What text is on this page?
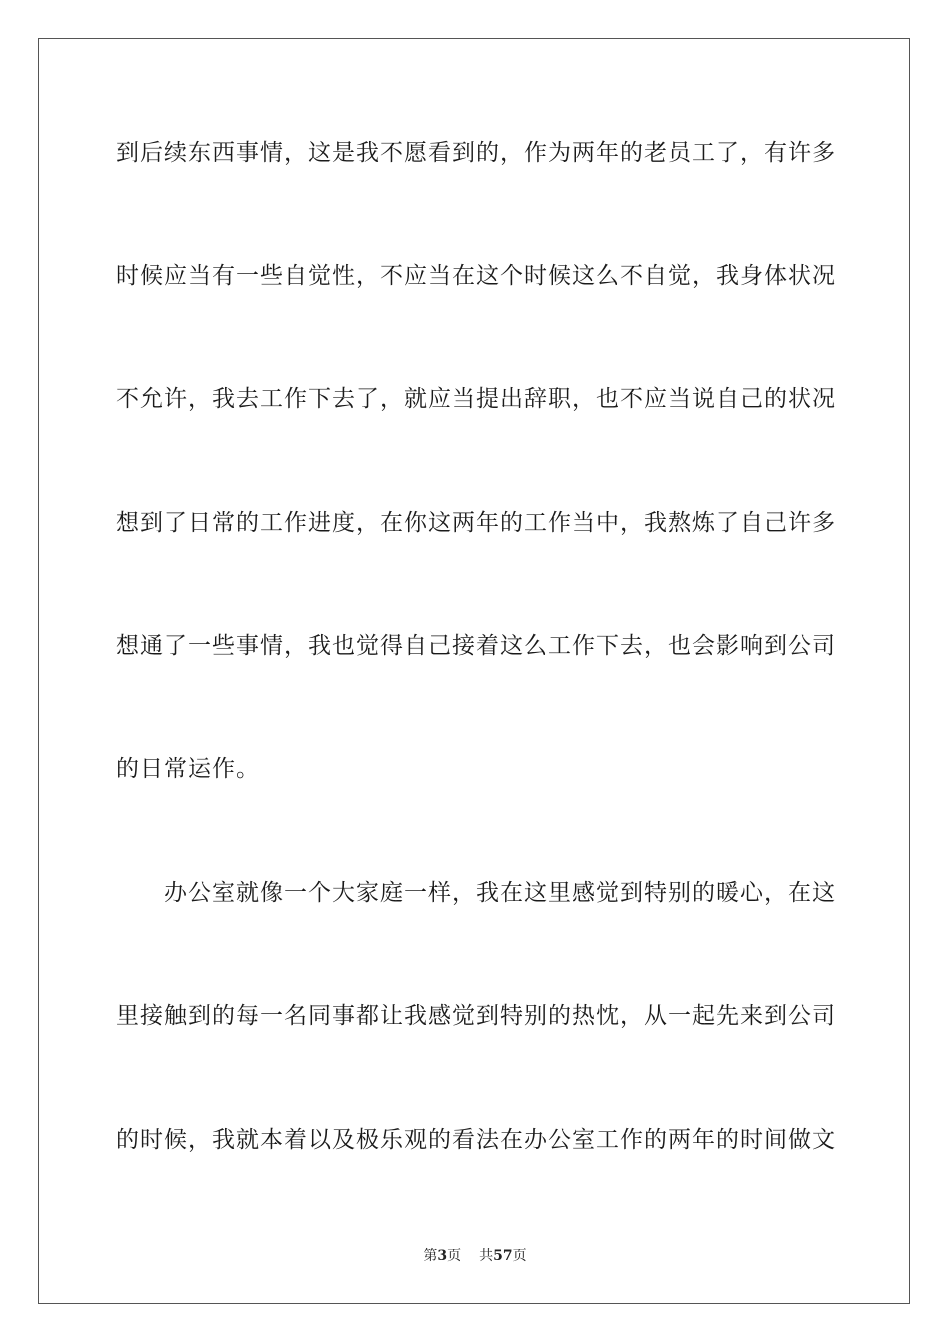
到后续东西事情，这是我不愿看到的，作为两年的老员工了，有许多
时候应当有一些自觉性，不应当在这个时候这么不自觉，我身体状况
不允许，我去工作下去了，就应当提出辞职，也不应当说自己的状况
想到了日常的工作进度，在你这两年的工作当中，我熬炼了自己许多
想通了一些事情，我也觉得自己接着这么工作下去，也会影响到公司
的日常运作。
办公室就像一个大家庭一样，我在这里感觉到特别的暖心，在这
里接触到的每一名同事都让我感觉到特别的热忱，从一起先来到公司
的时候，我就本着以及极乐观的看法在办公室工作的两年的时间做文
第3页 共57页
